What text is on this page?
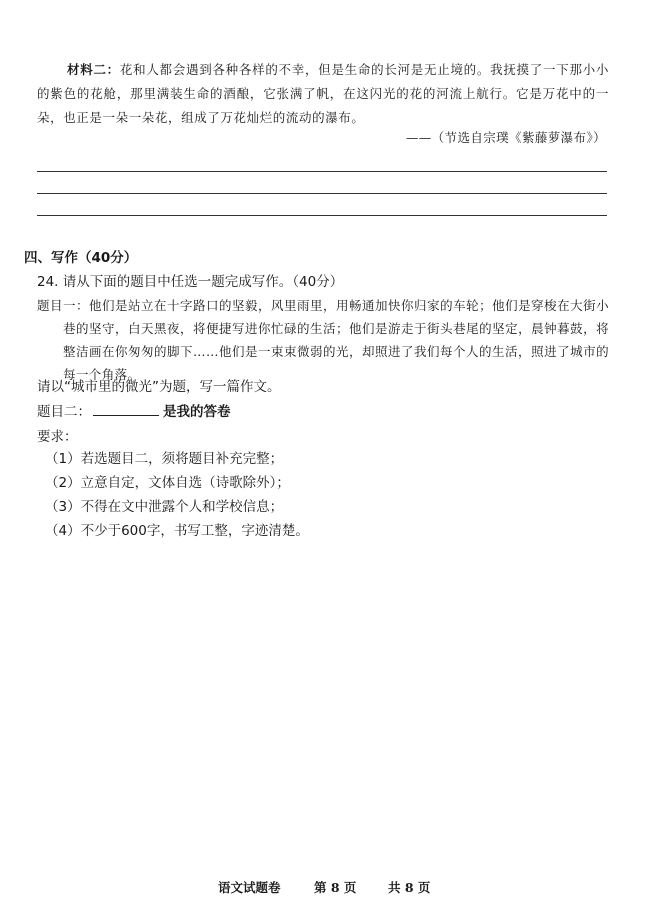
材料二：花和人都会遇到各种各样的不幸，但是生命的长河是无止境的。我抚摸了一下那小小的紫色的花舱，那里满装生命的酒酿，它张满了帆，在这闪光的花的河流上航行。它是万花中的一朵，也正是一朵一朵花，组成了万花灿烂的流动的瀑布。
——（节选自宗璞《紫藤萝瀑布》）
四、写作（40分）
24. 请从下面的题目中任选一题完成写作。（40分）
题目一：他们是站立在十字路口的坚毅，风里雨里，用畅通加快你归家的车轮；他们是穿梭在大街小巷的坚守，白天黑夜，将便捷写进你忙碌的生活；他们是游走于街头巷尾的坚定，晨钟暮鼓，将整洁画在你匆匆的脚下……他们是一束束微弱的光，却照进了我们每个人的生活，照进了城市的每一个角落。
请以“城市里的微光”为题，写一篇作文。
题目二：	是我的答卷
要求：
（1）若选题目二，须将题目补充完整；
（2）立意自定，文体自选（诗歌除外）；
（3）不得在文中泄露个人和学校信息；
（4）不少于600字，书写工整，字迹清楚。
语文试题卷	第 8 页	共 8 页
